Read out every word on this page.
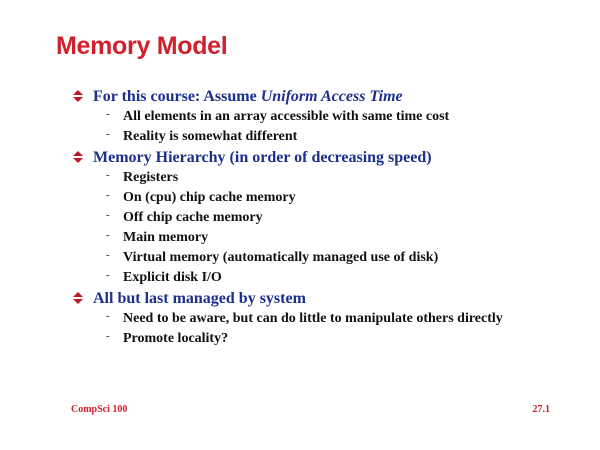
Memory Model
For this course: Assume Uniform Access Time
- All elements in an array accessible with same time cost
- Reality is somewhat different
Memory Hierarchy (in order of decreasing speed)
- Registers
- On (cpu) chip cache memory
- Off chip cache memory
- Main memory
- Virtual memory (automatically managed use of disk)
- Explicit disk I/O
All but last managed by system
- Need to be aware, but can do little to manipulate others directly
- Promote locality?
CompSci 100	27.1
